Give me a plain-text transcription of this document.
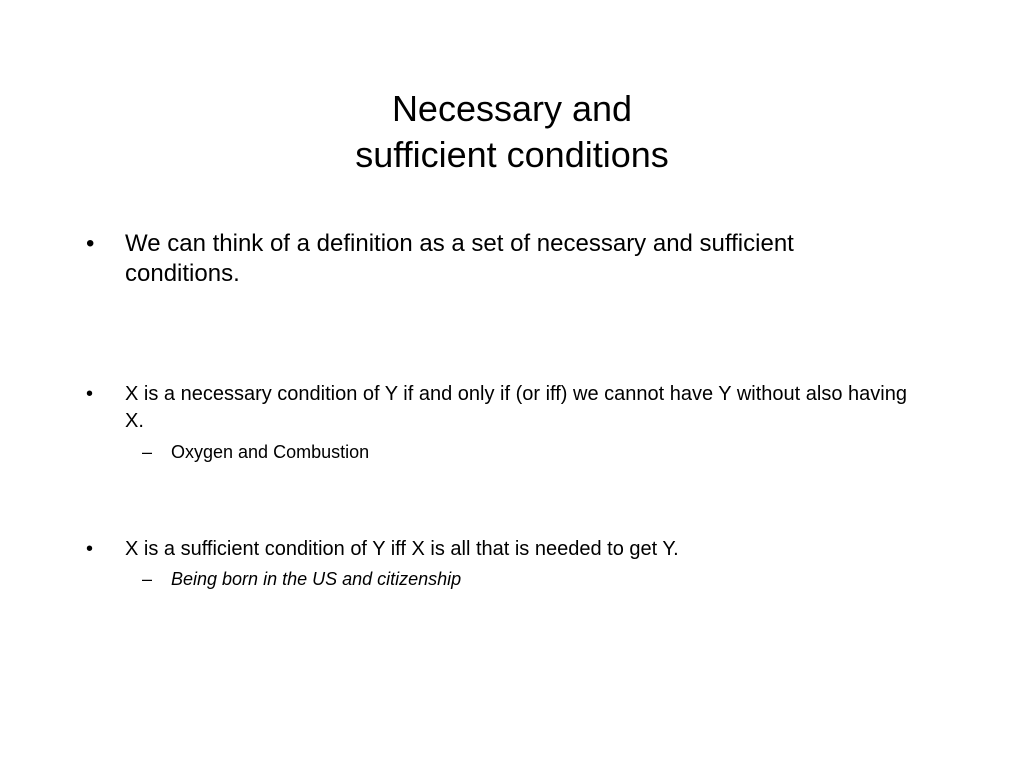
Necessary and
sufficient conditions
•	We can think of a definition as a set of necessary and sufficient conditions.
•	X is a necessary condition of Y if and only if (or iff) we cannot have Y without also having X.
–	Oxygen and Combustion
•	X is a sufficient condition of Y iff X is all that is needed to get Y.
–	Being born in the US and citizenship
